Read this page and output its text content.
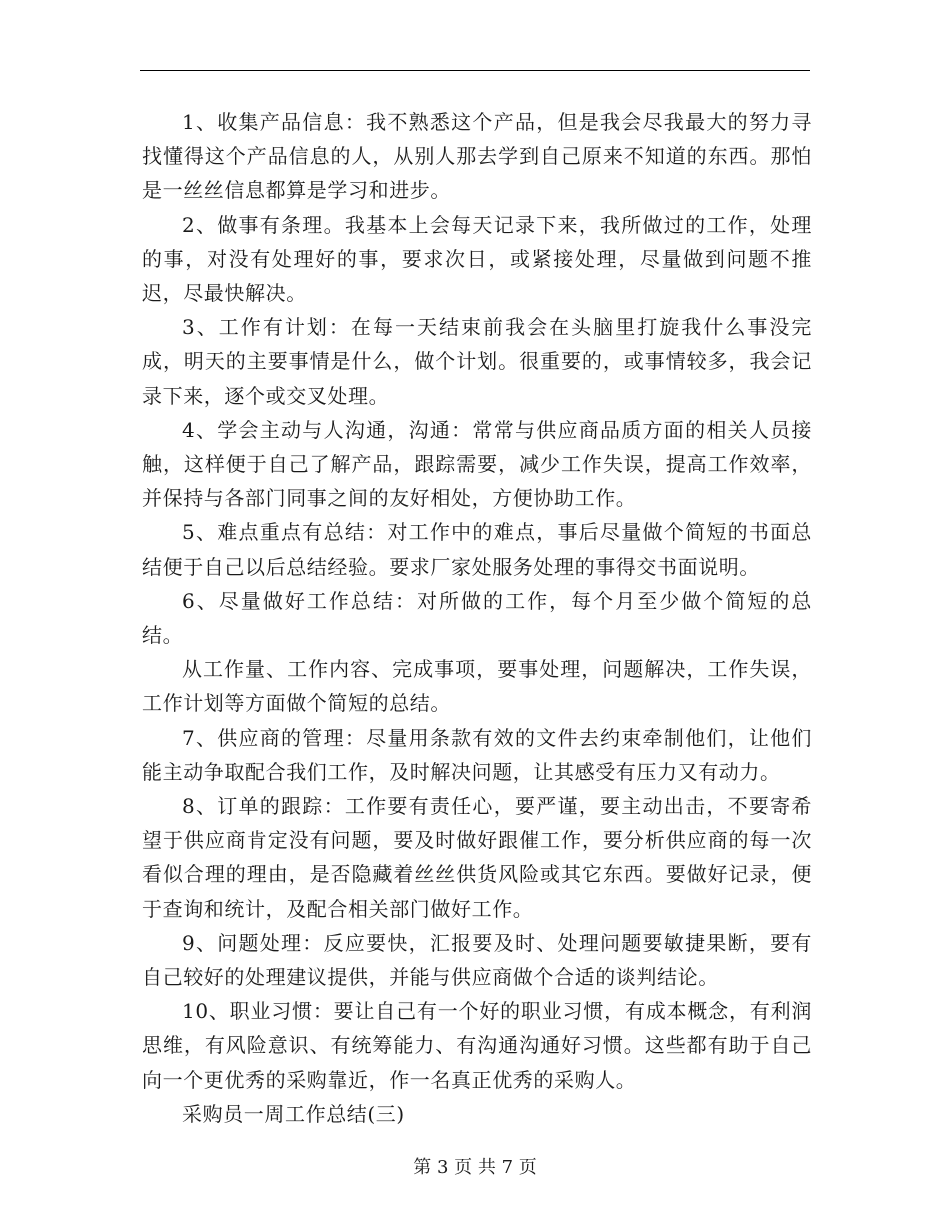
1、收集产品信息：我不熟悉这个产品，但是我会尽我最大的努力寻找懂得这个产品信息的人，从别人那去学到自己原来不知道的东西。那怕是一丝丝信息都算是学习和进步。

2、做事有条理。我基本上会每天记录下来，我所做过的工作，处理的事，对没有处理好的事，要求次日，或紧接处理，尽量做到问题不推迟，尽最快解决。

3、工作有计划：在每一天结束前我会在头脑里打旋我什么事没完成，明天的主要事情是什么，做个计划。很重要的，或事情较多，我会记录下来，逐个或交叉处理。

4、学会主动与人沟通，沟通：常常与供应商品质方面的相关人员接触，这样便于自己了解产品，跟踪需要，减少工作失误，提高工作效率，并保持与各部门同事之间的友好相处，方便协助工作。

5、难点重点有总结：对工作中的难点，事后尽量做个简短的书面总结便于自己以后总结经验。要求厂家处服务处理的事得交书面说明。

6、尽量做好工作总结：对所做的工作，每个月至少做个简短的总结。

从工作量、工作内容、完成事项，要事处理，问题解决，工作失误，工作计划等方面做个简短的总结。

7、供应商的管理：尽量用条款有效的文件去约束牵制他们，让他们能主动争取配合我们工作，及时解决问题，让其感受有压力又有动力。

8、订单的跟踪：工作要有责任心，要严谨，要主动出击，不要寄希望于供应商肯定没有问题，要及时做好跟催工作，要分析供应商的每一次看似合理的理由，是否隐藏着丝丝供货风险或其它东西。要做好记录，便于查询和统计，及配合相关部门做好工作。

9、问题处理：反应要快，汇报要及时、处理问题要敏捷果断，要有自己较好的处理建议提供，并能与供应商做个合适的谈判结论。

10、职业习惯：要让自己有一个好的职业习惯，有成本概念，有利润思维，有风险意识、有统筹能力、有沟通沟通好习惯。这些都有助于自己向一个更优秀的采购靠近，作一名真正优秀的采购人。

采购员一周工作总结(三)

第 3 页 共 7 页
